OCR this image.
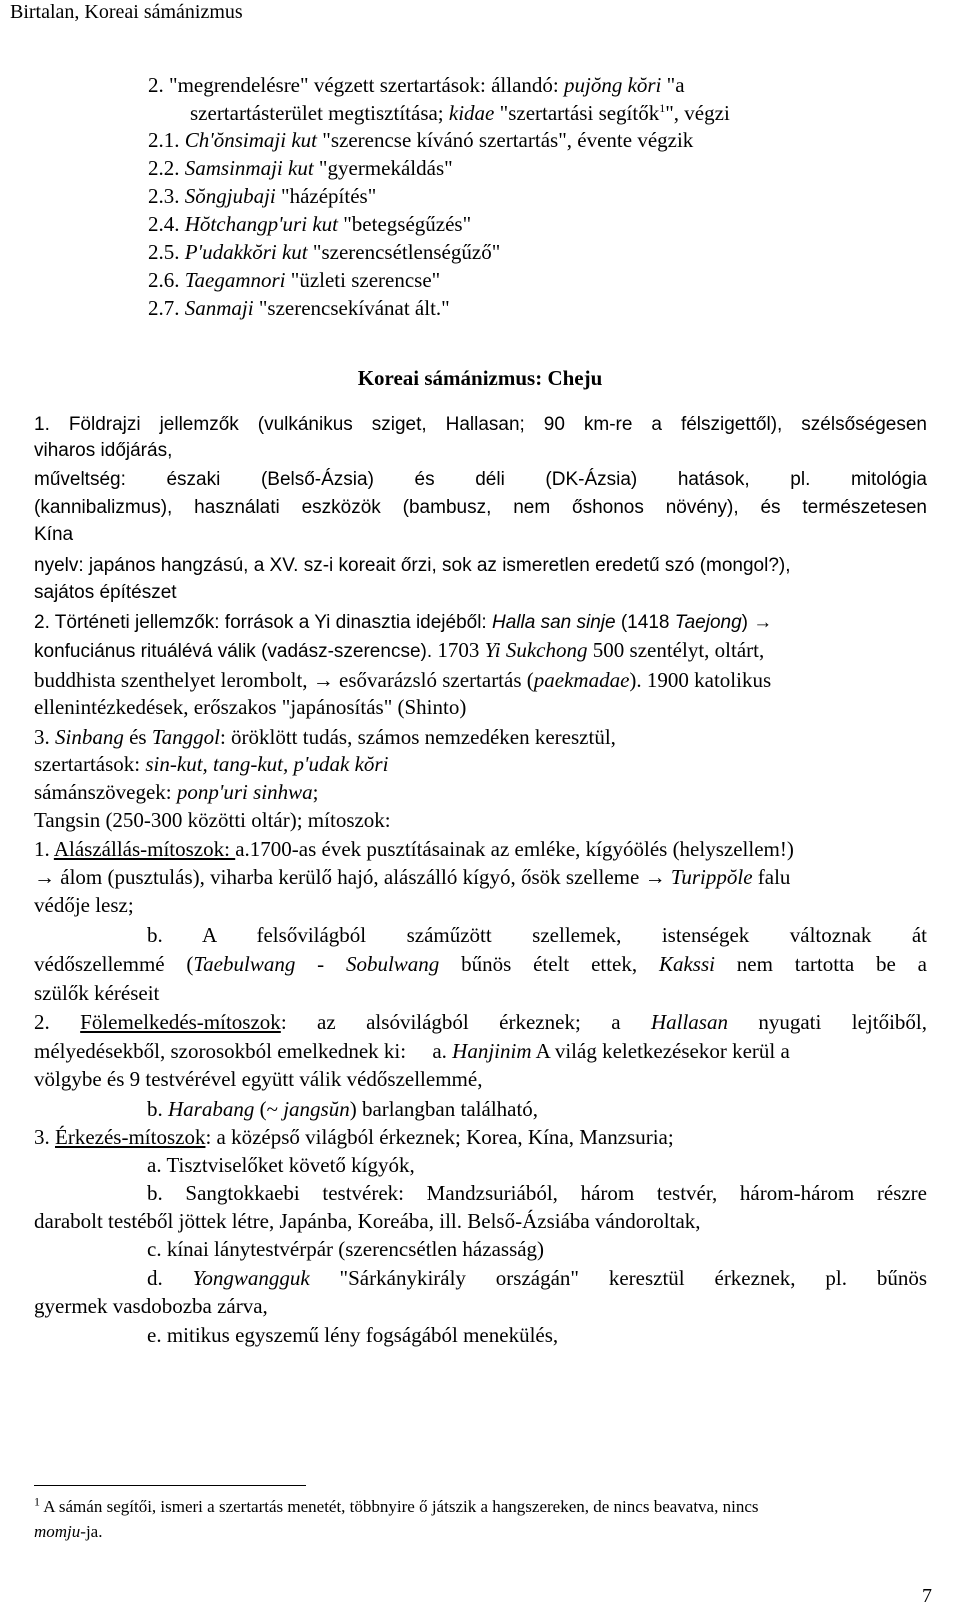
Birtalan, Koreai sámánizmus
2. "megrendelésre" végzett szertartások: állandó: pujŏng kŏri "a
szertartásterület megtisztítása; kidae "szertartási segítők$^1$", végzi
2.1. Ch'ŏnsimaji kut "szerencse kívánó szertartás", évente végzik
2.2. Samsinmaji kut "gyermekáldás"
2.3. Sŏngjubaji "házépítés"
2.4. Hŏtchangp'uri kut "betegségűzés"
2.5. P'udakkŏri kut "szerencsétlenségűző"
2.6. Taegamnori "üzleti szerencse"
2.7. Sanmaji "szerencsekívánat ált."
Koreai sámánizmus: Cheju
1. Földrajzi jellemzők (vulkánikus sziget, Hallasan; 90 km-re a félszigettől), szélsőségesen
viharos időjárás,
műveltség: északi (Belső-Ázsia) és déli (DK-Ázsia) hatások, pl. mitológia
(kannibalizmus), használati eszközök (bambusz, nem őshonos növény), és természetesen
Kína
nyelv: japános hangzású, a XV. sz-i koreait őrzi, sok az ismeretlen eredetű szó (mongol?),
sajátos építészet
2. Történeti jellemzők: források a Yi dinasztia idejéből: Halla san sinje (1418 Taejong) →
konfuciánus rituálévá válik (vadász-szerencse). 1703 Yi Sukchong 500 szentélyt, oltárt,
buddhista szenthelyet lerombolt, → esővarázsló szertartás (paekmadae). 1900 katolikus
ellenintézkedések, erőszakos "japánosítás" (Shinto)
3. Sinbang és Tanggol: öröklött tudás, számos nemzedéken keresztül,
szertartások: sin-kut, tang-kut, p'udak kŏri
sámánszövegek: ponp'uri sinhwa;
Tangsin (250-300 közötti oltár); mítoszok:
1. Alászállás-mítoszok: a.1700-as évek pusztításainak az emléke, kígyóölés (helyszellem!)
→ álom (pusztulás), viharba kerülő hajó, alászálló kígyó, ősök szelleme → Turippŏle falu
védője lesz;
b. A felsővilágból száműzött szellemek, istenségek változnak át
védőszellemmé (Taebulwang - Sobulwang bűnös ételt ettek, Kakssi nem tartotta be a
szülők kéréseit
2. Fölemelkedés-mítoszok: az alsóvilágból érkeznek; a Hallasan nyugati lejtőiből,
mélyedésekből, szorosokból emelkednek ki:     a. Hanjinim A világ keletkezésekor kerül a
völgybe és 9 testvérével együtt válik védőszellemmé,
b. Harabang (~ jangsŭn) barlangban található,
3. Érkezés-mítoszok: a középső világból érkeznek; Korea, Kína, Manzsuria;
a. Tisztviselőket követő kígyók,
b. Sangtokkaebi testvérek: Mandzsuriából, három testvér, három-három részre
darabolt testéből jöttek létre, Japánba, Koreába, ill. Belső-Ázsiába vándoroltak,
c. kínai lánytestvérpár (szerencsétlen házasság)
d. Yongwangguk "Sárkánykirály országán" keresztül érkeznek, pl. bűnös
gyermek vasdobozba zárva,
e. mitikus egyszemű lény fogságából menekülés,
$^1$ A sámán segítői, ismeri a szertartás menetét, többnyire ő játszik a hangszereken, de nincs beavatva, nincs
momju-ja.
7
